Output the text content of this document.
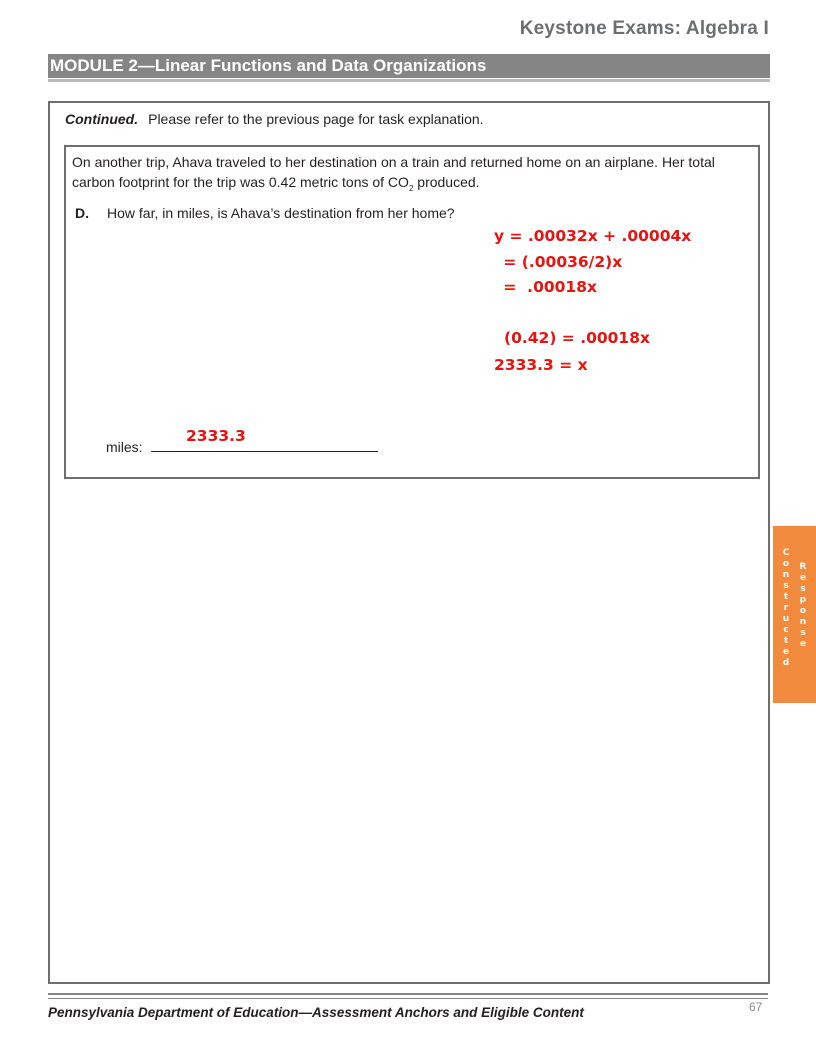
Keystone Exams: Algebra I
MODULE 2—Linear Functions and Data Organizations
Continued. Please refer to the previous page for task explanation.
On another trip, Ahava traveled to her destination on a train and returned home on an airplane. Her total carbon footprint for the trip was 0.42 metric tons of $CO_2$ produced.
D. How far, in miles, is Ahava’s destination from her home?
y = .00032x + .00004x
= (.00036/2)x
=  .00018x
(0.42) = .00018x
2333.3 = x
miles:
2333.3
C
o
n
s
t
r
u
c
t
e
d
R
e
s
p
o
n
s
e
Pennsylvania Department of Education—Assessment Anchors and Eligible Content	67
